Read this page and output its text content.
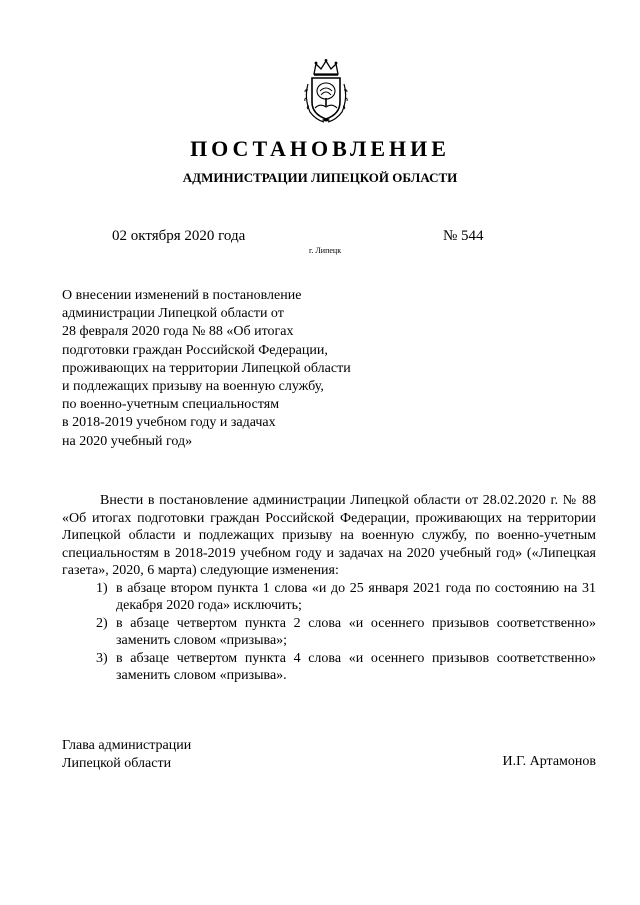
ПОСТАНОВЛЕНИЕ
АДМИНИСТРАЦИИ ЛИПЕЦКОЙ ОБЛАСТИ
02 октября 2020 года
г. Липецк
№ 544
О внесении изменений в постановление
администрации Липецкой области от
28 февраля 2020 года № 88 «Об итогах
подготовки граждан Российской Федерации,
проживающих на территории Липецкой области
и подлежащих призыву на военную службу,
по военно-учетным специальностям
в 2018-2019 учебном году и задачах
на 2020 учебный год»

Внести в постановление администрации Липецкой области от 28.02.2020 г. № 88 «Об итогах подготовки граждан Российской Федерации, проживающих на территории Липецкой области и подлежащих призыву на военную службу, по военно-учетным специальностям в 2018-2019 учебном году и задачах на 2020 учебный год» («Липецкая газета», 2020, 6 марта) следующие изменения:

1) в абзаце втором пункта 1 слова «и до 25 января 2021 года по состоянию на 31 декабря 2020 года» исключить;
2) в абзаце четвертом пункта 2 слова «и осеннего призывов соответственно» заменить словом «призыва»;
3) в абзаце четвертом пункта 4 слова «и осеннего призывов соответственно» заменить словом «призыва».
Глава администрации
Липецкой области	И.Г. Артамонов
